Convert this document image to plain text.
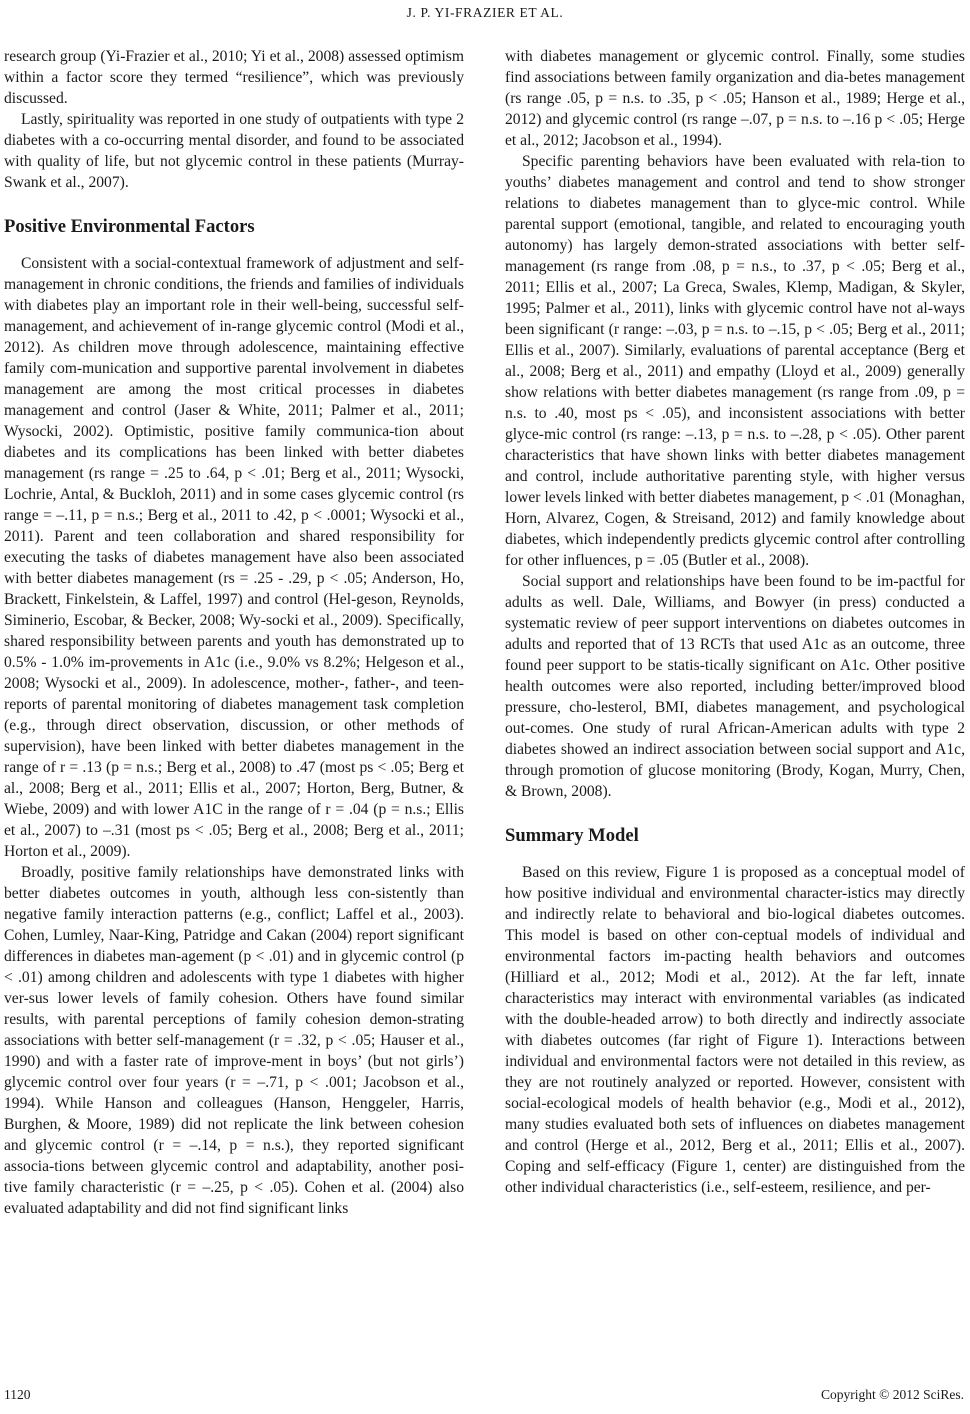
J. P. YI-FRAZIER ET AL.

research group (Yi-Frazier et al., 2010; Yi et al., 2008) assessed optimism within a factor score they termed “resilience”, which was previously discussed.

Lastly, spirituality was reported in one study of outpatients with type 2 diabetes with a co-occurring mental disorder, and found to be associated with quality of life, but not glycemic control in these patients (Murray-Swank et al., 2007).

Positive Environmental Factors

Consistent with a social-contextual framework of adjustment and self-management in chronic conditions, the friends and families of individuals with diabetes play an important role in their well-being, successful self-management, and achievement of in-range glycemic control (Modi et al., 2012). As children move through adolescence, maintaining effective family com-munication and supportive parental involvement in diabetes management are among the most critical processes in diabetes management and control (Jaser & White, 2011; Palmer et al., 2011; Wysocki, 2002). Optimistic, positive family communica-tion about diabetes and its complications has been linked with better diabetes management (rs range = .25 to .64, p < .01; Berg et al., 2011; Wysocki, Lochrie, Antal, & Buckloh, 2011) and in some cases glycemic control (rs range = –.11, p = n.s.; Berg et al., 2011 to .42, p < .0001; Wysocki et al., 2011). Parent and teen collaboration and shared responsibility for executing the tasks of diabetes management have also been associated with better diabetes management (rs = .25 - .29, p < .05; Anderson, Ho, Brackett, Finkelstein, & Laffel, 1997) and control (Hel-geson, Reynolds, Siminerio, Escobar, & Becker, 2008; Wy-socki et al., 2009). Specifically, shared responsibility between parents and youth has demonstrated up to 0.5% - 1.0% im-provements in A1c (i.e., 9.0% vs 8.2%; Helgeson et al., 2008; Wysocki et al., 2009). In adolescence, mother-, father-, and teen-reports of parental monitoring of diabetes management task completion (e.g., through direct observation, discussion, or other methods of supervision), have been linked with better diabetes management in the range of r = .13 (p = n.s.; Berg et al., 2008) to .47 (most ps < .05; Berg et al., 2008; Berg et al., 2011; Ellis et al., 2007; Horton, Berg, Butner, & Wiebe, 2009) and with lower A1C in the range of r = .04 (p = n.s.; Ellis et al., 2007) to –.31 (most ps < .05; Berg et al., 2008; Berg et al., 2011; Horton et al., 2009).

Broadly, positive family relationships have demonstrated links with better diabetes outcomes in youth, although less con-sistently than negative family interaction patterns (e.g., conflict; Laffel et al., 2003). Cohen, Lumley, Naar-King, Patridge and Cakan (2004) report significant differences in diabetes man-agement (p < .01) and in glycemic control (p < .01) among children and adolescents with type 1 diabetes with higher ver-sus lower levels of family cohesion. Others have found similar results, with parental perceptions of family cohesion demon-strating associations with better self-management (r = .32, p < .05; Hauser et al., 1990) and with a faster rate of improve-ment in boys’ (but not girls’) glycemic control over four years (r = –.71, p < .001; Jacobson et al., 1994). While Hanson and colleagues (Hanson, Henggeler, Harris, Burghen, & Moore, 1989) did not replicate the link between cohesion and glycemic control (r = –.14, p = n.s.), they reported significant associa-tions between glycemic control and adaptability, another posi-tive family characteristic (r = –.25, p < .05). Cohen et al. (2004) also evaluated adaptability and did not find significant links

with diabetes management or glycemic control. Finally, some studies find associations between family organization and dia-betes management (rs range .05, p = n.s. to .35, p < .05; Hanson et al., 1989; Herge et al., 2012) and glycemic control (rs range –.07, p = n.s. to –.16 p < .05; Herge et al., 2012; Jacobson et al., 1994).

Specific parenting behaviors have been evaluated with rela-tion to youths’ diabetes management and control and tend to show stronger relations to diabetes management than to glyce-mic control. While parental support (emotional, tangible, and related to encouraging youth autonomy) has largely demon-strated associations with better self-management (rs range from .08, p = n.s., to .37, p < .05; Berg et al., 2011; Ellis et al., 2007; La Greca, Swales, Klemp, Madigan, & Skyler, 1995; Palmer et al., 2011), links with glycemic control have not al-ways been significant (r range: –.03, p = n.s. to –.15, p < .05; Berg et al., 2011; Ellis et al., 2007). Similarly, evaluations of parental acceptance (Berg et al., 2008; Berg et al., 2011) and empathy (Lloyd et al., 2009) generally show relations with better diabetes management (rs range from .09, p = n.s. to .40, most ps < .05), and inconsistent associations with better glyce-mic control (rs range: –.13, p = n.s. to –.28, p < .05). Other parent characteristics that have shown links with better diabetes management and control, include authoritative parenting style, with higher versus lower levels linked with better diabetes management, p < .01 (Monaghan, Horn, Alvarez, Cogen, & Streisand, 2012) and family knowledge about diabetes, which independently predicts glycemic control after controlling for other influences, p = .05 (Butler et al., 2008).

Social support and relationships have been found to be im-pactful for adults as well. Dale, Williams, and Bowyer (in press) conducted a systematic review of peer support interventions on diabetes outcomes in adults and reported that of 13 RCTs that used A1c as an outcome, three found peer support to be statis-tically significant on A1c. Other positive health outcomes were also reported, including better/improved blood pressure, cho-lesterol, BMI, diabetes management, and psychological out-comes. One study of rural African-American adults with type 2 diabetes showed an indirect association between social support and A1c, through promotion of glucose monitoring (Brody, Kogan, Murry, Chen, & Brown, 2008).

Summary Model

Based on this review, Figure 1 is proposed as a conceptual model of how positive individual and environmental character-istics may directly and indirectly relate to behavioral and bio-logical diabetes outcomes. This model is based on other con-ceptual models of individual and environmental factors im-pacting health behaviors and outcomes (Hilliard et al., 2012; Modi et al., 2012). At the far left, innate characteristics may interact with environmental variables (as indicated with the double-headed arrow) to both directly and indirectly associate with diabetes outcomes (far right of Figure 1). Interactions between individual and environmental factors were not detailed in this review, as they are not routinely analyzed or reported. However, consistent with social-ecological models of health behavior (e.g., Modi et al., 2012), many studies evaluated both sets of influences on diabetes management and control (Herge et al., 2012, Berg et al., 2011; Ellis et al., 2007). Coping and self-efficacy (Figure 1, center) are distinguished from the other individual characteristics (i.e., self-esteem, resilience, and per-

1120	Copyright © 2012 SciRes.
